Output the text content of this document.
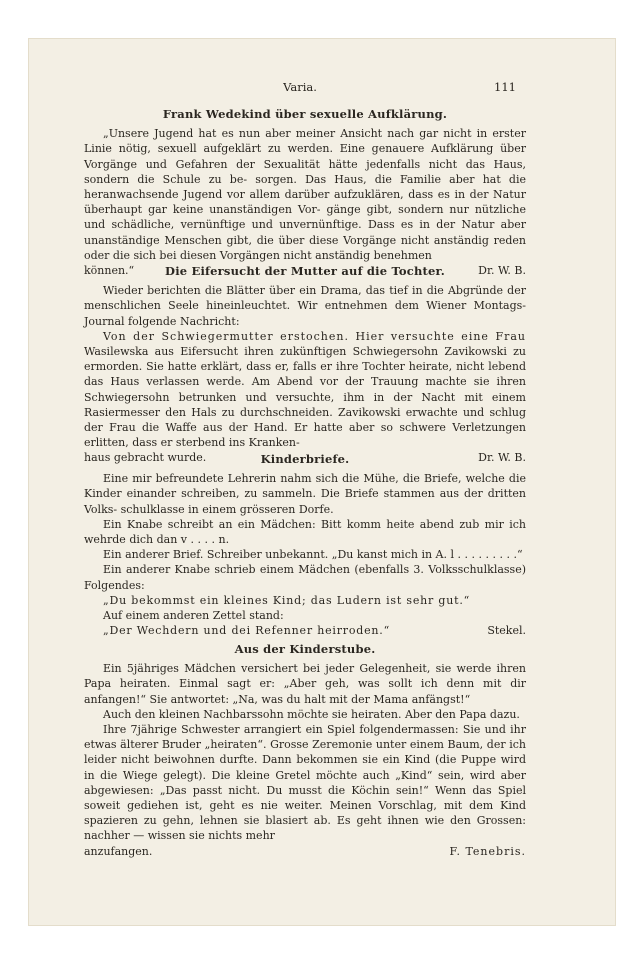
Varia.	111
Frank Wedekind über sexuelle Aufklärung.

„Unsere Jugend hat es nun aber meiner Ansicht nach gar nicht in erster Linie nötig, sexuell aufgeklärt zu werden. Eine genauere Aufklärung über Vorgänge und Gefahren der Sexualität hätte jedenfalls nicht das Haus, sondern die Schule zu be- sorgen. Das Haus, die Familie aber hat die heranwachsende Jugend vor allem darüber aufzuklären, dass es in der Natur überhaupt gar keine unanständigen Vor- gänge gibt, sondern nur nützliche und schädliche, vernünftige und unvernünftige. Dass es in der Natur aber unanständige Menschen gibt, die über diese Vorgänge nicht anständig reden oder die sich bei diesen Vorgängen nicht anständig benehmen

können.“	Dr. W. B.
Die Eifersucht der Mutter auf die Tochter.

Wieder berichten die Blätter über ein Drama, das tief in die Abgründe der menschlichen Seele hineinleuchtet. Wir entnehmen dem Wiener Montags-Journal folgende Nachricht:

Von der Schwiegermutter erstochen. Hier versuchte eine Frau Wasilewska aus Eifersucht ihren zukünftigen Schwiegersohn Zavikowski zu ermorden. Sie hatte erklärt, dass er, falls er ihre Tochter heirate, nicht lebend das Haus verlassen werde. Am Abend vor der Trauung machte sie ihren Schwiegersohn betrunken und versuchte, ihm in der Nacht mit einem Rasiermesser den Hals zu durchschneiden. Zavikowski erwachte und schlug der Frau die Waffe aus der Hand. Er hatte aber so schwere Verletzungen erlitten, dass er sterbend ins Kranken-

haus gebracht wurde.	Dr. W. B.
Kinderbriefe.

Eine mir befreundete Lehrerin nahm sich die Mühe, die Briefe, welche die Kinder einander schreiben, zu sammeln. Die Briefe stammen aus der dritten Volks- schulklasse in einem grösseren Dorfe.

Ein Knabe schreibt an ein Mädchen: Bitt komm heite abend zub mir ich wehrde dich dan v . . . . n.

Ein anderer Brief. Schreiber unbekannt. „Du kanst mich in A. l . . . . . . . . .“

Ein anderer Knabe schrieb einem Mädchen (ebenfalls 3. Volksschulklasse) Folgendes:

„Du bekommst ein kleines Kind; das Ludern ist sehr gut.“

Auf einem anderen Zettel stand:

„Der Wechdern und dei Refenner heirroden.“	Stekel.
Aus der Kinderstube.

Ein 5jähriges Mädchen versichert bei jeder Gelegenheit, sie werde ihren Papa heiraten. Einmal sagt er: „Aber geh, was sollt ich denn mit dir anfangen!“ Sie antwortet: „Na, was du halt mit der Mama anfängst!“

Auch den kleinen Nachbarssohn möchte sie heiraten. Aber den Papa dazu.

Ihre 7jährige Schwester arrangiert ein Spiel folgendermassen: Sie und ihr etwas älterer Bruder „heiraten“. Grosse Zeremonie unter einem Baum, der ich leider nicht beiwohnen durfte. Dann bekommen sie ein Kind (die Puppe wird in die Wiege gelegt). Die kleine Gretel möchte auch „Kind“ sein, wird aber abgewiesen: „Das passt nicht. Du musst die Köchin sein!“ Wenn das Spiel soweit gediehen ist, geht es nie weiter. Meinen Vorschlag, mit dem Kind spazieren zu gehn, lehnen sie blasiert ab. Es geht ihnen wie den Grossen: nachher — wissen sie nichts mehr

anzufangen.	F. Tenebris.
